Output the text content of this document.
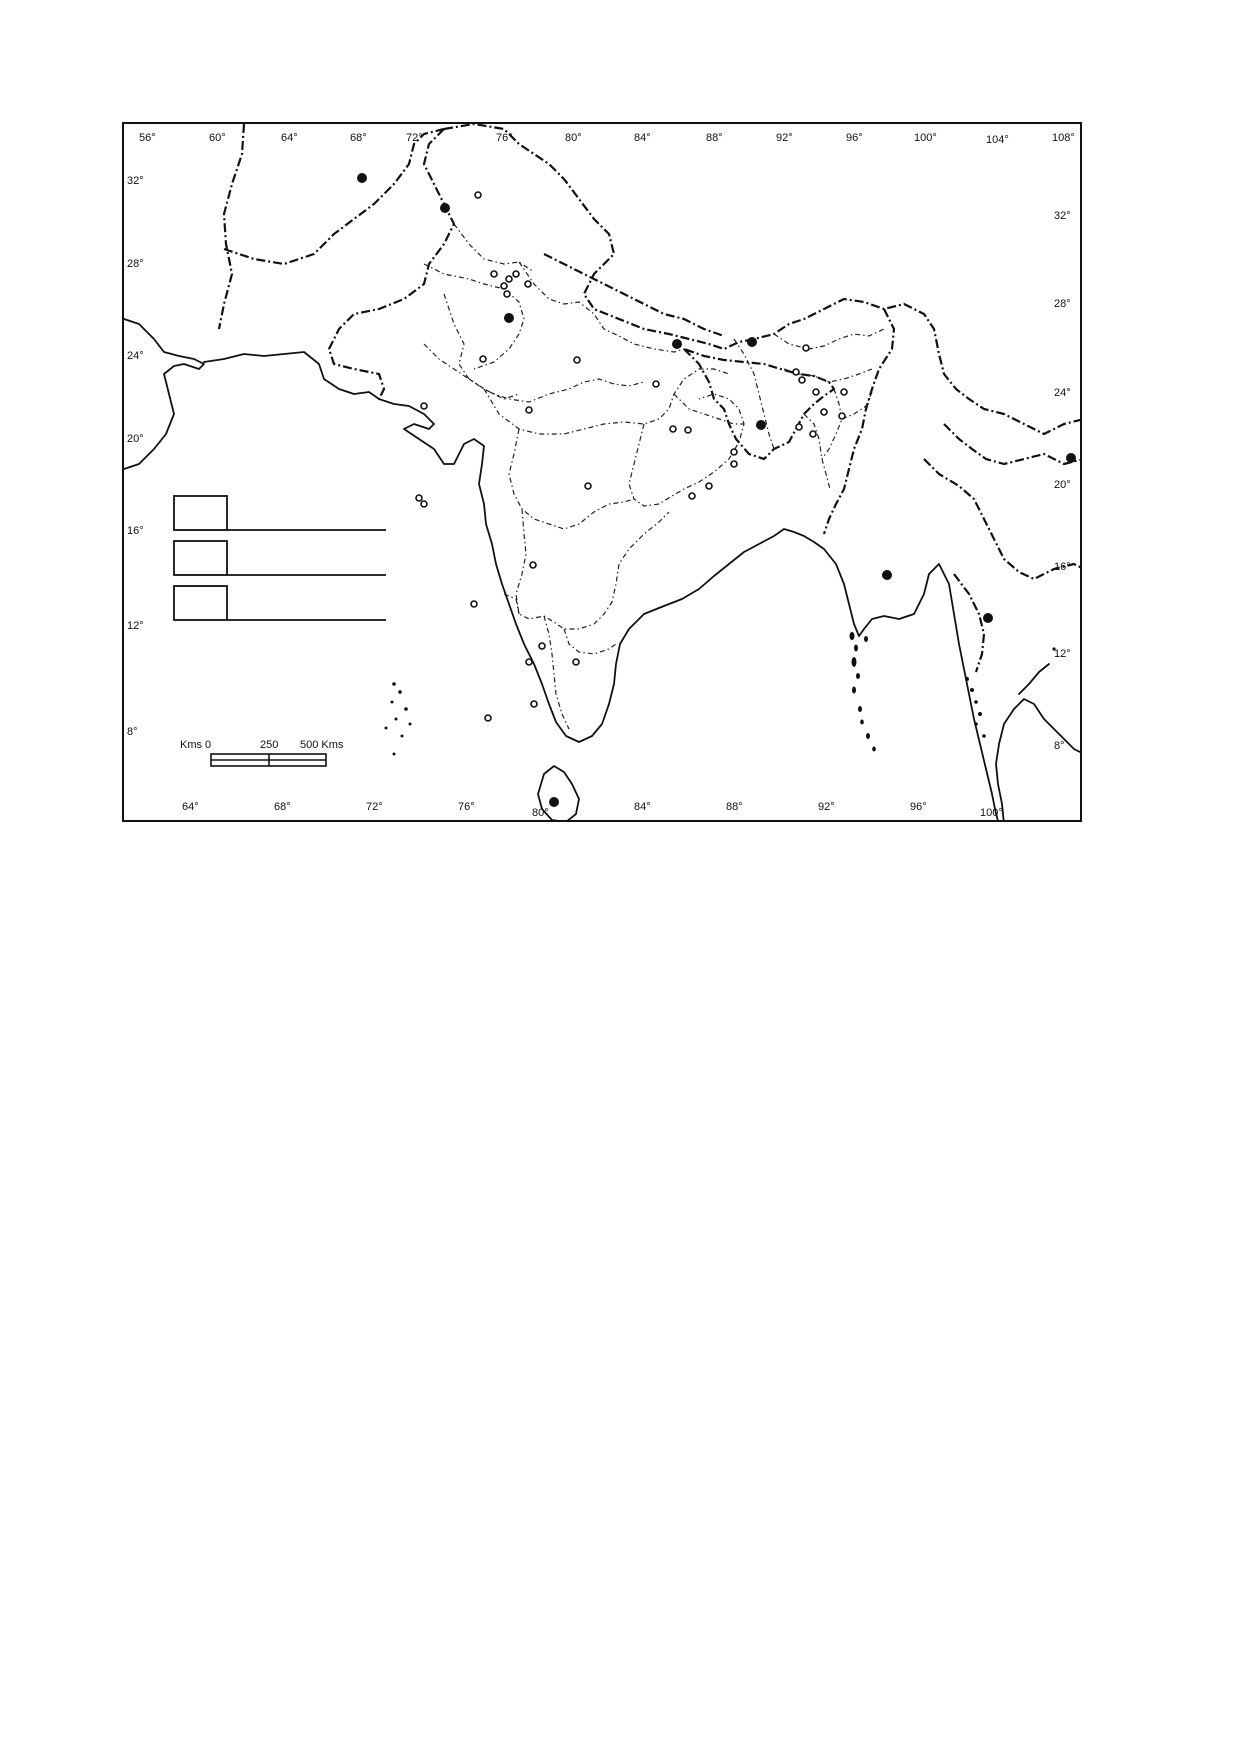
56°	60°	64°	68°	72°	76°	80°	84°	88°	92°	96°	100°	104°	108°
64°	68°	72°	76°	80°	84°	88°	92°	96°	100°
32°
28°
24°
20°
16°
12°
8°
32°
28°
24°
20°
16°
12°
8°
Kms 0	250 500 Kms
